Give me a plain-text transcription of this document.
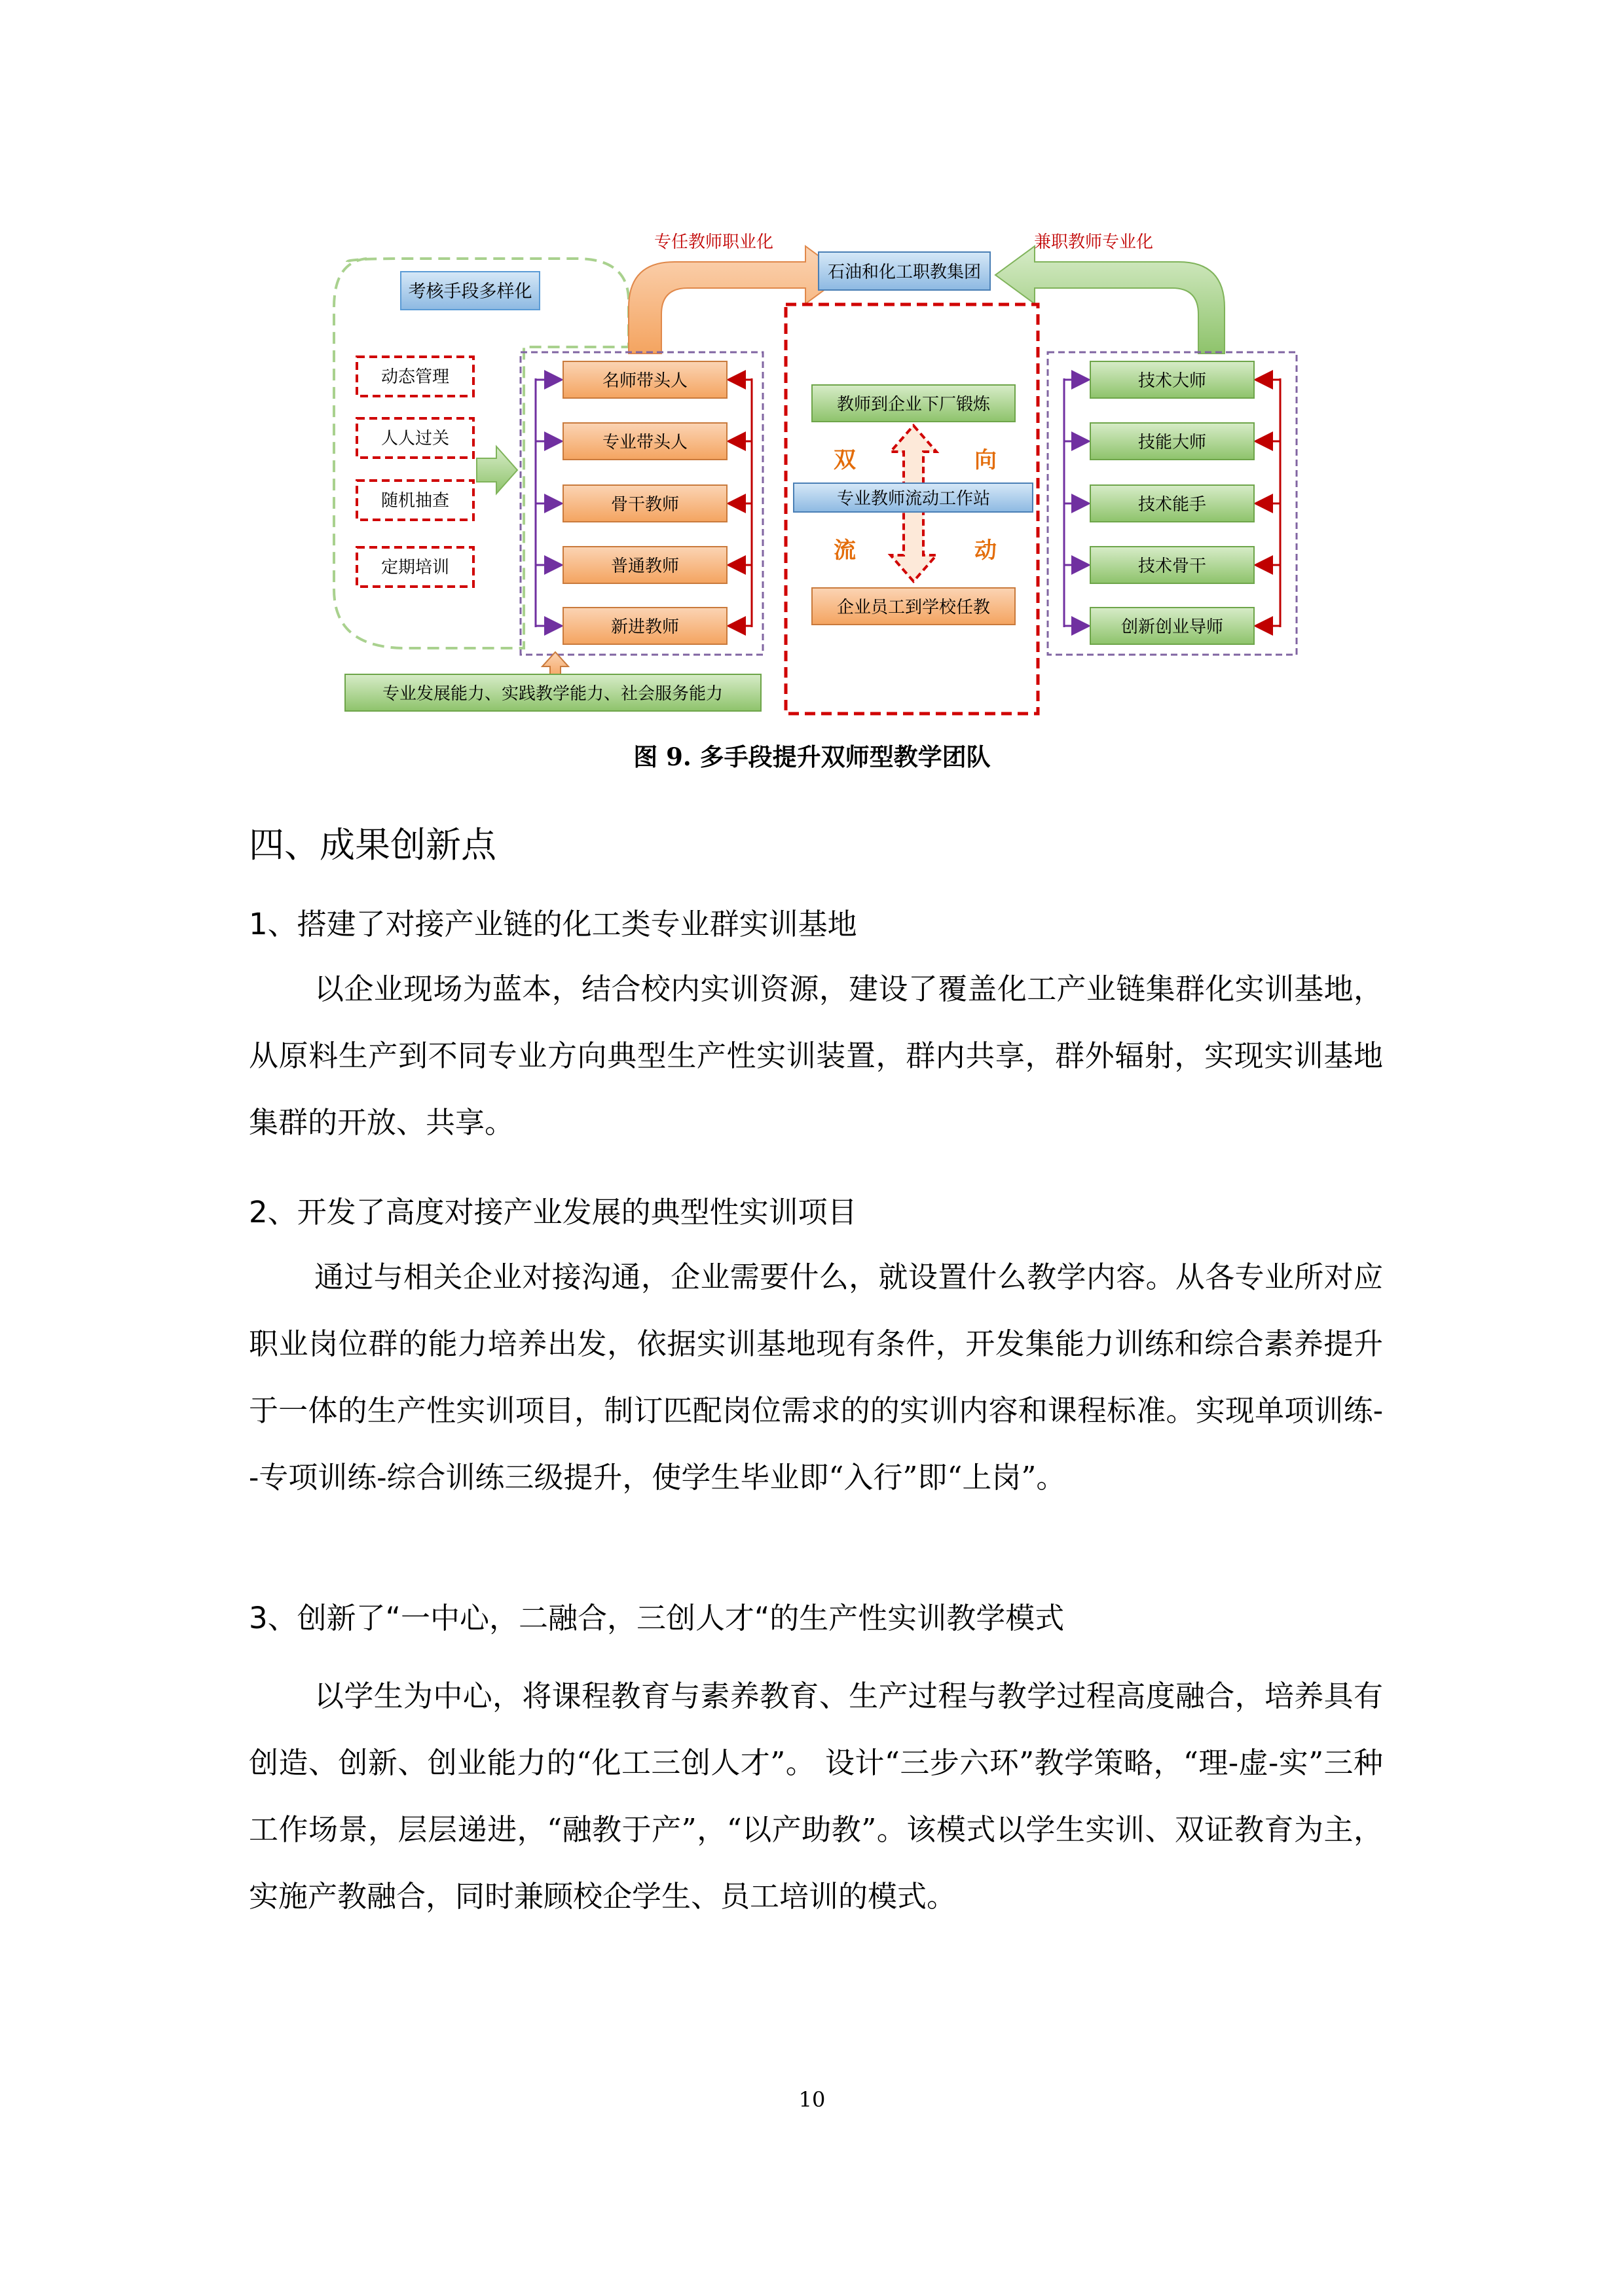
考核手段多样化
动态管理
人人过关
随机抽查
定期培训
专任教师职业化	兼职教师专业化
石油和化工职教集团
名师带头人
专业带头人
骨干教师
普通教师
新进教师
专业发展能力、实践教学能力、社会服务能力
教师到企业下厂锻炼
专业教师流动工作站
双	向
流	动
企业员工到学校任教
技术大师
技能大师
技术能手
技术骨干
创新创业导师
图 9. 多手段提升双师型教学团队
四、成果创新点
1、搭建了对接产业链的化工类专业群实训基地

以企业现场为蓝本，结合校内实训资源，建设了覆盖化工产业链集群化实训基地，从原料生产到不同专业方向典型生产性实训装置，群内共享，群外辐射，实现实训基地集群的开放、共享。

2、开发了高度对接产业发展的典型性实训项目

通过与相关企业对接沟通，企业需要什么，就设置什么教学内容。从各专业所对应职业岗位群的能力培养出发，依据实训基地现有条件，开发集能力训练和综合素养提升于一体的生产性实训项目，制订匹配岗位需求的的实训内容和课程标准。实现单项训练--专项训练-综合训练三级提升，使学生毕业即“入行”即“上岗”。

3、创新了“一中心，二融合，三创人才“的生产性实训教学模式

以学生为中心，将课程教育与素养教育、生产过程与教学过程高度融合，培养具有创造、创新、创业能力的“化工三创人才”。 设计“三步六环”教学策略，“理-虚-实”三种工作场景，层层递进，“融教于产”，“以产助教”。该模式以学生实训、双证教育为主，实施产教融合，同时兼顾校企学生、员工培训的模式。

10
